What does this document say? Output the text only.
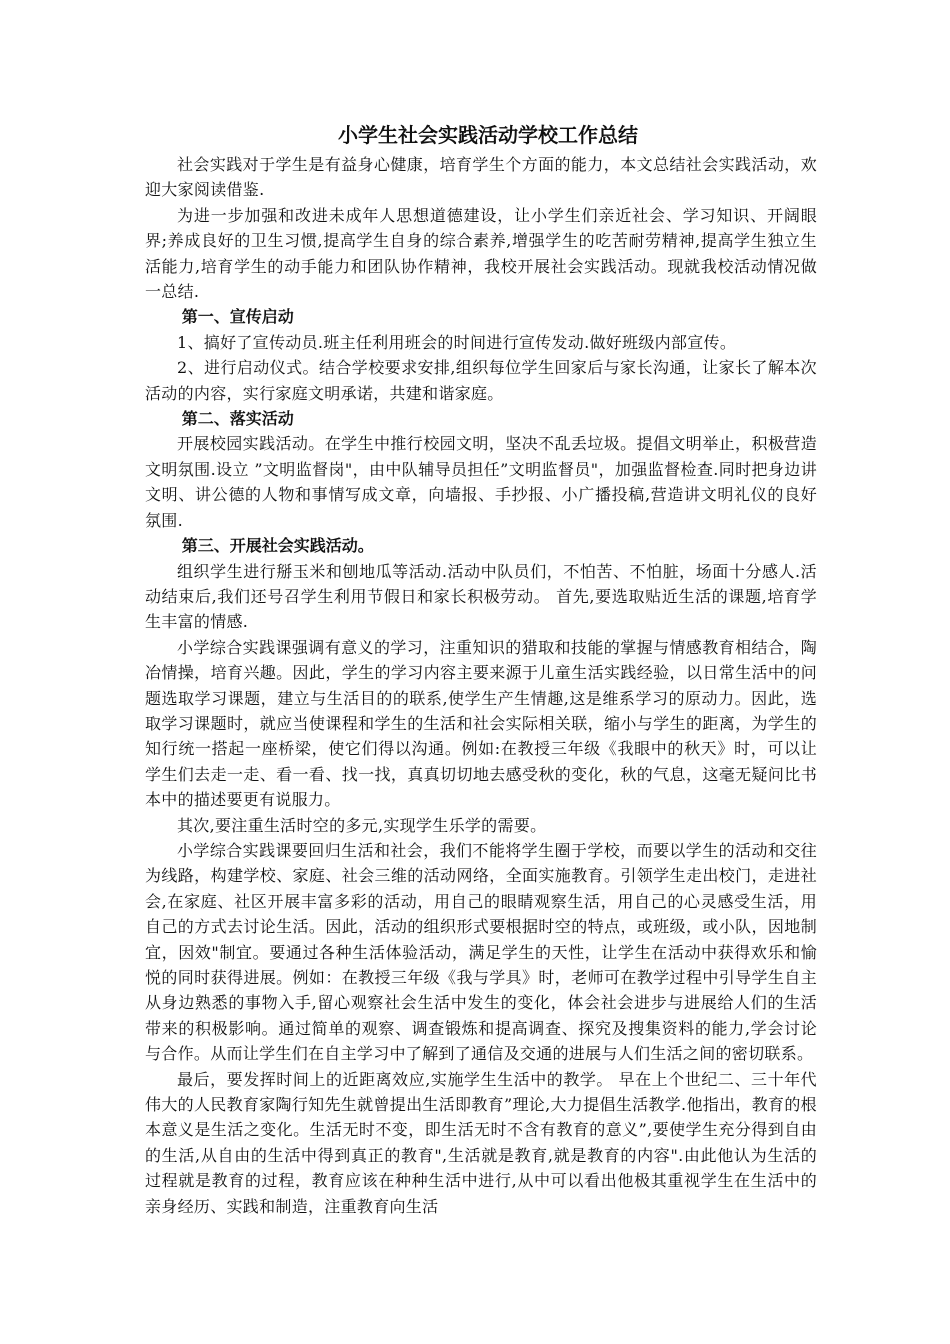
小学生社会实践活动学校工作总结

社会实践对于学生是有益身心健康，培育学生个方面的能力，本文总结社会实践活动，欢迎大家阅读借鉴.

为进一步加强和改进未成年人思想道德建设，让小学生们亲近社会、学习知识、开阔眼界;养成良好的卫生习惯,提高学生自身的综合素养,增强学生的吃苦耐劳精神,提高学生独立生活能力,培育学生的动手能力和团队协作精神，我校开展社会实践活动。现就我校活动情况做一总结.

第一、宣传启动

1、搞好了宣传动员.班主任利用班会的时间进行宣传发动.做好班级内部宣传。

2、进行启动仪式。结合学校要求安排,组织每位学生回家后与家长沟通，让家长了解本次活动的内容，实行家庭文明承诺，共建和谐家庭。

第二、落实活动

开展校园实践活动。在学生中推行校园文明，坚决不乱丢垃圾。提倡文明举止，积极营造文明氛围.设立 ”文明监督岗"，由中队辅导员担任”文明监督员"，加强监督检查.同时把身边讲文明、讲公德的人物和事情写成文章，向墙报、手抄报、小广播投稿,营造讲文明礼仪的良好氛围.

第三、开展社会实践活动。

组织学生进行掰玉米和刨地瓜等活动.活动中队员们，不怕苦、不怕脏，场面十分感人.活动结束后,我们还号召学生利用节假日和家长积极劳动。 首先,要选取贴近生活的课题,培育学生丰富的情感.

小学综合实践课强调有意义的学习，注重知识的猎取和技能的掌握与情感教育相结合，陶冶情操，培育兴趣。因此，学生的学习内容主要来源于儿童生活实践经验，以日常生活中的问题选取学习课题，建立与生活目的的联系,使学生产生情趣,这是维系学习的原动力。因此，选取学习课题时，就应当使课程和学生的生活和社会实际相关联，缩小与学生的距离，为学生的知行统一搭起一座桥梁，使它们得以沟通。例如:在教授三年级《我眼中的秋天》时，可以让学生们去走一走、看一看、找一找，真真切切地去感受秋的变化，秋的气息，这毫无疑问比书本中的描述要更有说服力。

其次,要注重生活时空的多元,实现学生乐学的需要。

小学综合实践课要回归生活和社会，我们不能将学生圈于学校，而要以学生的活动和交往为线路，构建学校、家庭、社会三维的活动网络，全面实施教育。引领学生走出校门，走进社会,在家庭、社区开展丰富多彩的活动，用自己的眼睛观察生活，用自己的心灵感受生活，用自己的方式去讨论生活。因此，活动的组织形式要根据时空的特点，或班级，或小队，因地制宜，因效"制宜。要通过各种生活体验活动，满足学生的天性，让学生在活动中获得欢乐和愉悦的同时获得进展。例如：在教授三年级《我与学具》时，老师可在教学过程中引导学生自主从身边熟悉的事物入手,留心观察社会生活中发生的变化，体会社会进步与进展给人们的生活带来的积极影响。通过简单的观察、调查锻炼和提高调查、探究及搜集资料的能力,学会讨论与合作。从而让学生们在自主学习中了解到了通信及交通的进展与人们生活之间的密切联系。

最后，要发挥时间上的近距离效应,实施学生生活中的教学。 早在上个世纪二、三十年代伟大的人民教育家陶行知先生就曾提出生活即教育”理论,大力提倡生活教学.他指出，教育的根本意义是生活之变化。生活无时不变，即生活无时不含有教育的意义”,要使学生充分得到自由的生活,从自由的生活中得到真正的教育",生活就是教育,就是教育的内容".由此他认为生活的过程就是教育的过程，教育应该在种种生活中进行,从中可以看出他极其重视学生在生活中的亲身经历、实践和制造，注重教育向生活
